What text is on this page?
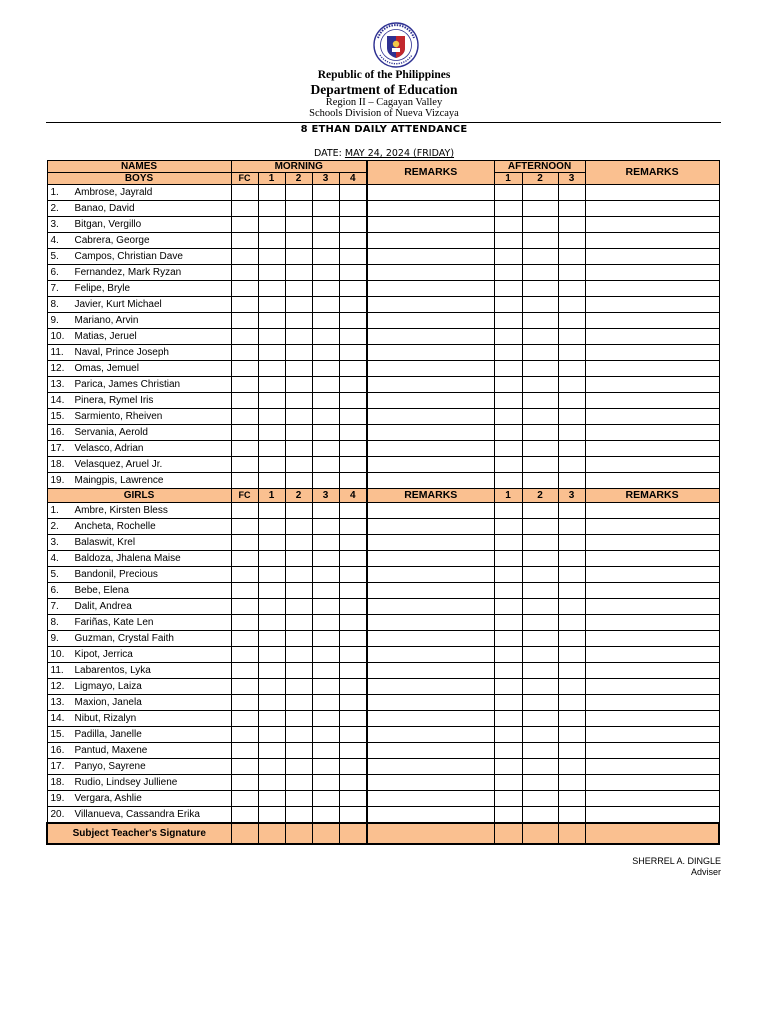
Republic of the Philippines
Department of Education
Region II – Cagayan Valley
Schools Division of Nueva Vizcaya
8 ETHAN DAILY ATTENDANCE
DATE: MAY 24, 2024 (FRIDAY)
NAMES	MORNING					REMARKS	AFTERNOON			REMARKS
BOYS	FC	1	2	3	4		1	2	3	
1. Ambrose, Jayrald										
2. Banao, David										
3. Bitgan, Vergillo										
4. Cabrera, George										
5. Campos, Christian Dave										
6. Fernandez, Mark Ryzan										
7. Felipe, Bryle										
8. Javier, Kurt Michael										
9. Mariano, Arvin										
10. Matias, Jeruel										
11. Naval, Prince Joseph										
12. Omas, Jemuel										
13. Parica, James Christian										
14. Pinera, Rymel Iris										
15. Sarmiento, Rheiven										
16. Servania, Aerold										
17. Velasco, Adrian										
18. Velasquez, Aruel Jr.										
19. Maingpis, Lawrence										
GIRLS	FC	1	2	3	4	REMARKS	1	2	3	REMARKS
1. Ambre, Kirsten Bless										
2. Ancheta, Rochelle										
3. Balaswit, Krel										
4. Baldoza, Jhalena Maise										
5. Bandonil, Precious										
6. Bebe, Elena										
7. Dalit, Andrea										
8. Fariñas, Kate Len										
9. Guzman, Crystal Faith										
10. Kipot, Jerrica										
11. Labarentos, Lyka										
12. Ligmayo, Laiza										
13. Maxion, Janela										
14. Nibut, Rizalyn										
15. Padilla, Janelle										
16. Pantud, Maxene										
17. Panyo, Sayrene										
18. Rudio, Lindsey Julliene										
19. Vergara, Ashlie										
20. Villanueva, Cassandra Erika										
Subject Teacher's Signature										
SHERREL A. DINGLE
Adviser
